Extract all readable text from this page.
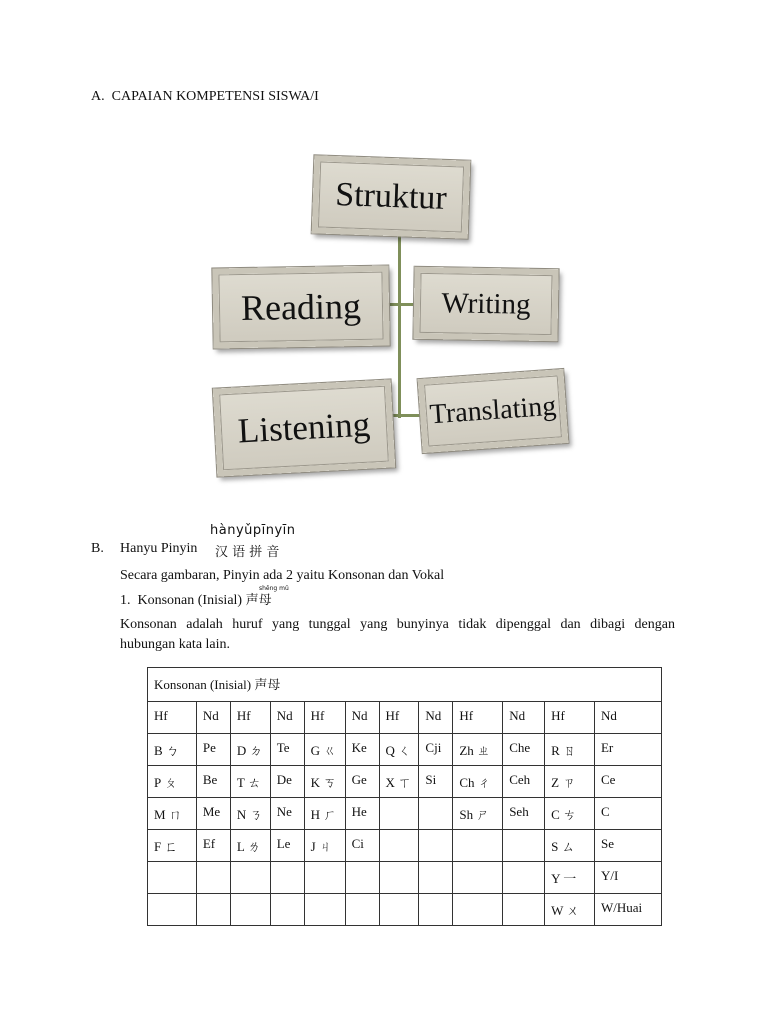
A. CAPAIAN KOMPETENSI SISWA/I
Struktur
Reading	Writing
Listening Translating
hànyǔpīnyīn
B. Hanyu Pinyin 汉 语 拼 音
Secara gambaran, Pinyin ada 2 yaitu Konsonan dan Vokal
shēng mǔ
1. Konsonan (Inisial) 声母
Konsonan adalah huruf yang tunggal yang bunyinya tidak dipenggal dan dibagi dengan
hubungan kata lain.
Konsonan (Inisial) 声母											

Hf	Nd	Hf	Nd	Hf	Nd	Hf	Nd	Hf	Nd	Hf	Nd

B ㄅ	Pe	D ㄉ	Te	G ㄍ	Ke	Q ㄑ	Cji	Zh ㄓ	Che	R ㄖ	Er

P ㄆ	Be	T ㄊ	De	K ㄎ	Ge	X ㄒ	Si	Ch ㄔ	Ceh	Z ㄗ	Ce

M ㄇ	Me	N ㄋ	Ne	H ㄏ	He			Sh ㄕ	Seh	C ㄘ	C

F ㄈ	Ef	L ㄌ	Le	J ㄐ	Ci					S ㄙ	Se

										Y 一	Y/I

										W ㄨ	W/Huai
